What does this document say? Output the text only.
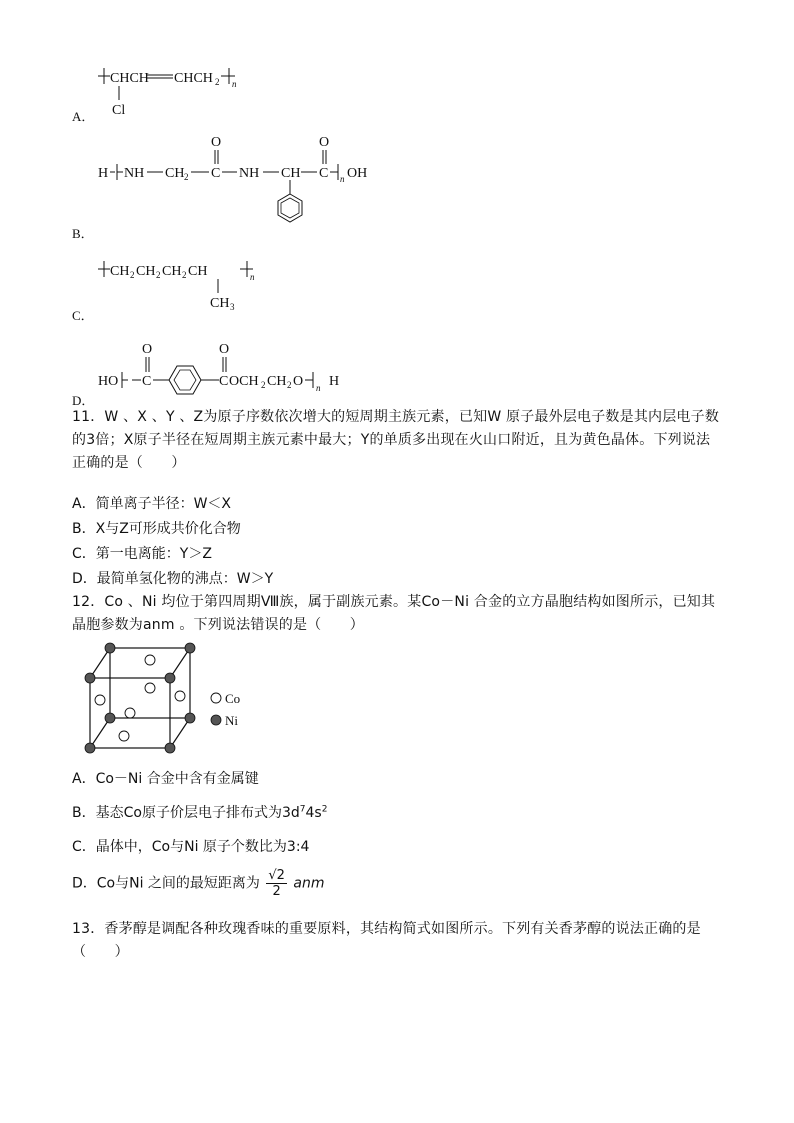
A．
CHCH CHCH 2 n
Cl
B．
H NH CH 2 C
O
NH CH C
O
n OH
C．
CH 2 CH 2 CH 2 CH	n
CH 3
D．
HO C
O
C
O
OCH 2 CH 2 O n H
11．W 、X 、Y 、Z为原子序数依次增大的短周期主族元素，已知W 原子最外层电子数是其内层电子数的3倍；X原子半径在短周期主族元素中最大；Y的单质多出现在火山口附近，且为黄色晶体。下列说法正确的是（　　）
A．简单离子半径：W＜X
B．X与Z可形成共价化合物
C．第一电离能：Y＞Z
D．最简单氢化物的沸点：W＞Y
12．Co 、Ni 均位于第四周期Ⅷ族，属于副族元素。某Co－Ni 合金的立方晶胞结构如图所示，已知其晶胞参数为anm 。下列说法错误的是（　　）
Co
Ni
A．Co－Ni 合金中含有金属键
B．基态Co原子价层电子排布式为$3d^74s^2$
C．晶体中，Co与Ni 原子个数比为3:4
D．Co与Ni 之间的最短距离为 $\frac{√2}{2}$ anm
13．香茅醇是调配各种玫瑰香味的重要原料，其结构简式如图所示。下列有关香茅醇的说法正确的是（　　）
